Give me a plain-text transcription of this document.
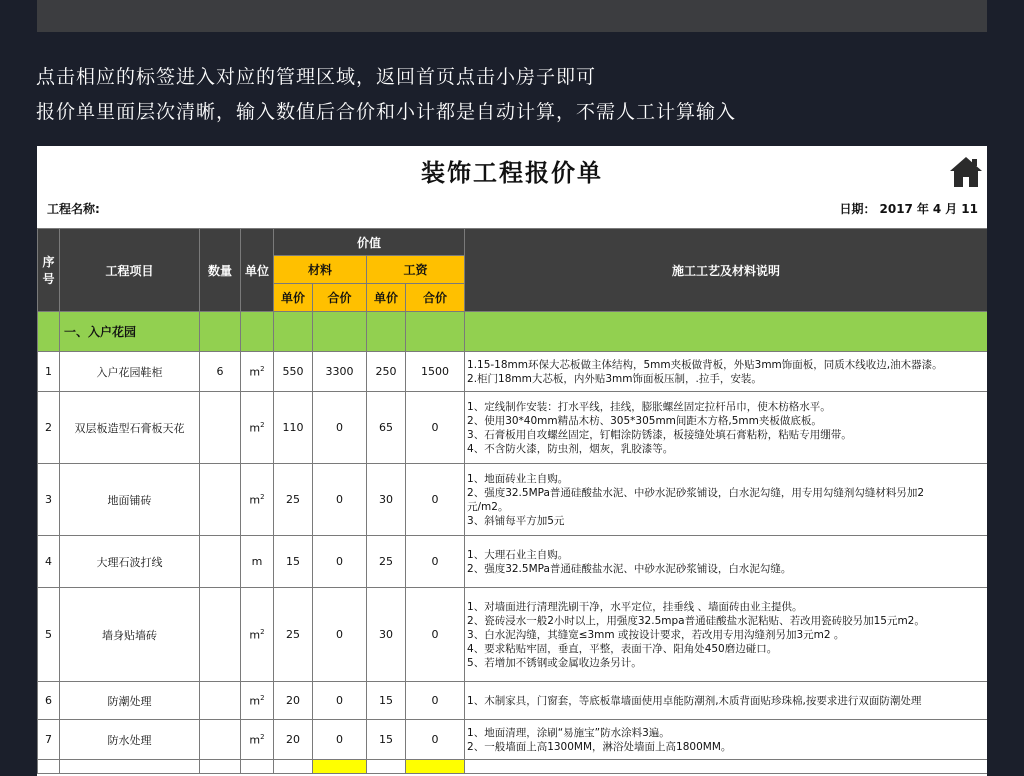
点击相应的标签进入对应的管理区域，返回首页点击小房子即可
报价单里面层次清晰，输入数值后合价和小计都是自动计算，不需人工计算输入
装饰工程报价单
工程名称:	日期： 2017 年 4 月 11
序号	工程项目	数量	单位	价值				施工工艺及材料说明
				材料		工资		
				单价	合价	单价	合价	
	一、入户花园							
1	入户花园鞋柜	6	$m^2$	550	3300	250	1500	1.15-18mm环保大芯板做主体结构，5mm夹板做背板，外贴3mm饰面板，同质木线收边,油木器漆。
2.柜门18mm大芯板，内外贴3mm饰面板压制，.拉手，安装。

2	双层板造型石膏板天花		$m^2$	110	0	65	0	1、定线制作安装：打水平线，挂线，膨胀螺丝固定拉杆吊巾，使木枋格水平。
2、使用30*40mm精品木枋、305*305mm间距木方格,5mm夹板做底板。
3、石膏板用自攻螺丝固定，钉帽涂防锈漆，板接缝处填石膏粘粉，粘贴专用绷带。
4、不含防火漆，防虫剂，烟灰，乳胶漆等。

3	地面铺砖		$m^2$	25	0	30	0	1、地面砖业主自购。
2、强度32.5MPa普通硅酸盐水泥、中砂水泥砂浆铺设，白水泥勾缝，用专用勾缝剂勾缝材料另加2
元/m2。
3、斜铺每平方加5元

4	大理石波打线		m	15	0	25	0	1、大理石业主自购。
2、强度32.5MPa普通硅酸盐水泥、中砂水泥砂浆铺设，白水泥勾缝。

5	墙身贴墙砖		$m^2$	25	0	30	0	1、对墙面进行清理洗刷干净，水平定位，挂垂线 、墙面砖由业主提供。
2、瓷砖浸水一般2小时以上，用强度32.5mpa普通硅酸盐水泥粘贴、若改用瓷砖胶另加15元m2。
3、白水泥沟缝，其缝宽≤3mm 或按设计要求，若改用专用沟缝剂另加3元m2 。
4、要求粘贴牢固，垂直，平整，表面干净、阳角处450磨边碰口。
5、若增加不锈钢或金属收边条另计。

6	防潮处理		$m^2$	20	0	15	0	1、木制家具，门窗套，等底板靠墙面使用卓能防潮剂,木质背面贴珍珠棉,按要求进行双面防潮处理

7	防水处理		$m^2$	20	0	15	0	1、地面清理，涂刷“易施宝”防水涂料3遍。
2、一般墙面上高1300MM，淋浴处墙面上高1800MM。
